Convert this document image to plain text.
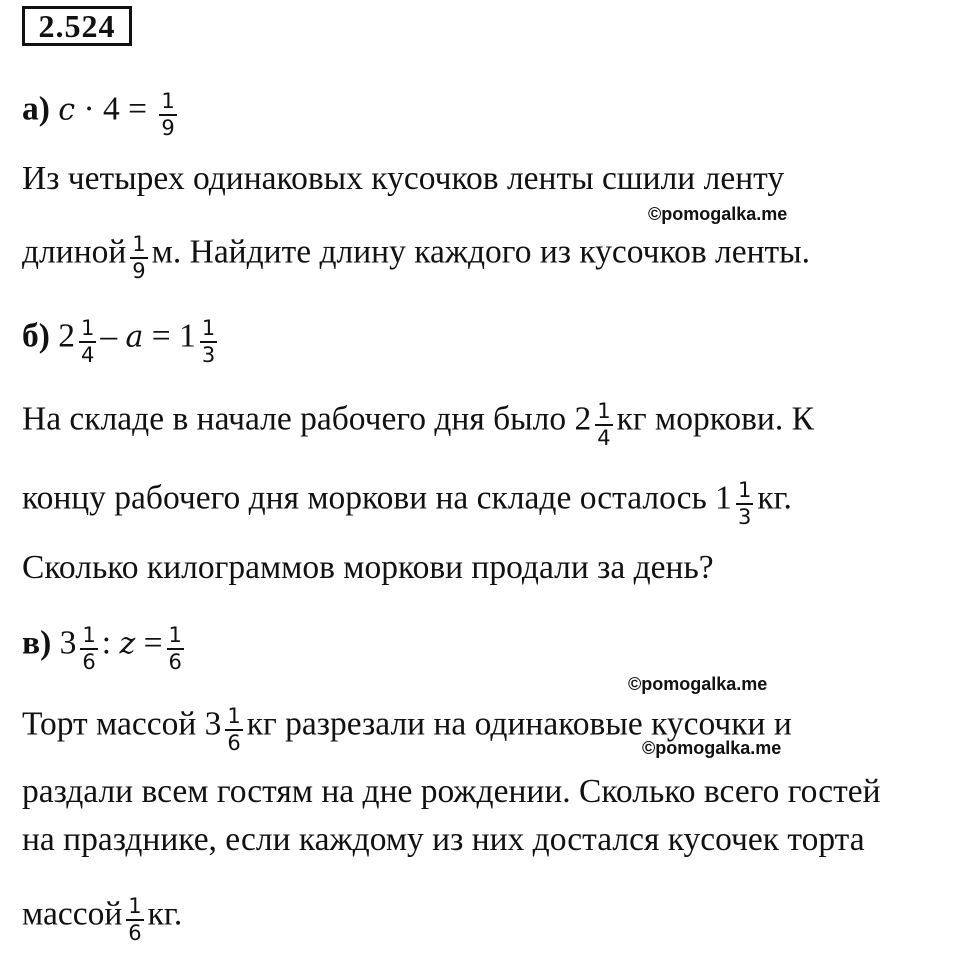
2.524
а) $c \cdot 4 = \frac{1}{9}$
Из четырех одинаковых кусочков ленты сшили ленту
©pomogalka.me
длиной $\frac{1}{9} м$. Найдите длину каждого из кусочков ленты.
б) $2 \frac{1}{4} - a = 1 \frac{1}{3}$
На складе в начале рабочего дня было $2 \frac{1}{4}$ кг моркови. К
концу рабочего дня моркови на складе осталось $1 \frac{1}{3}$ кг.
Сколько килограммов моркови продали за день?
в) $3 \frac{1}{6}$ : $z = \frac{1}{6}$
©pomogalka.me
Торт массой $3 \frac{1}{6}$ кг разрезали на одинаковые кусочки и
©pomogalka.me
раздали всем гостям на дне рождении. Сколько всего гостей
на празднике, если каждому из них достался кусочек торта
массой $\frac{1}{6}$ кг.
